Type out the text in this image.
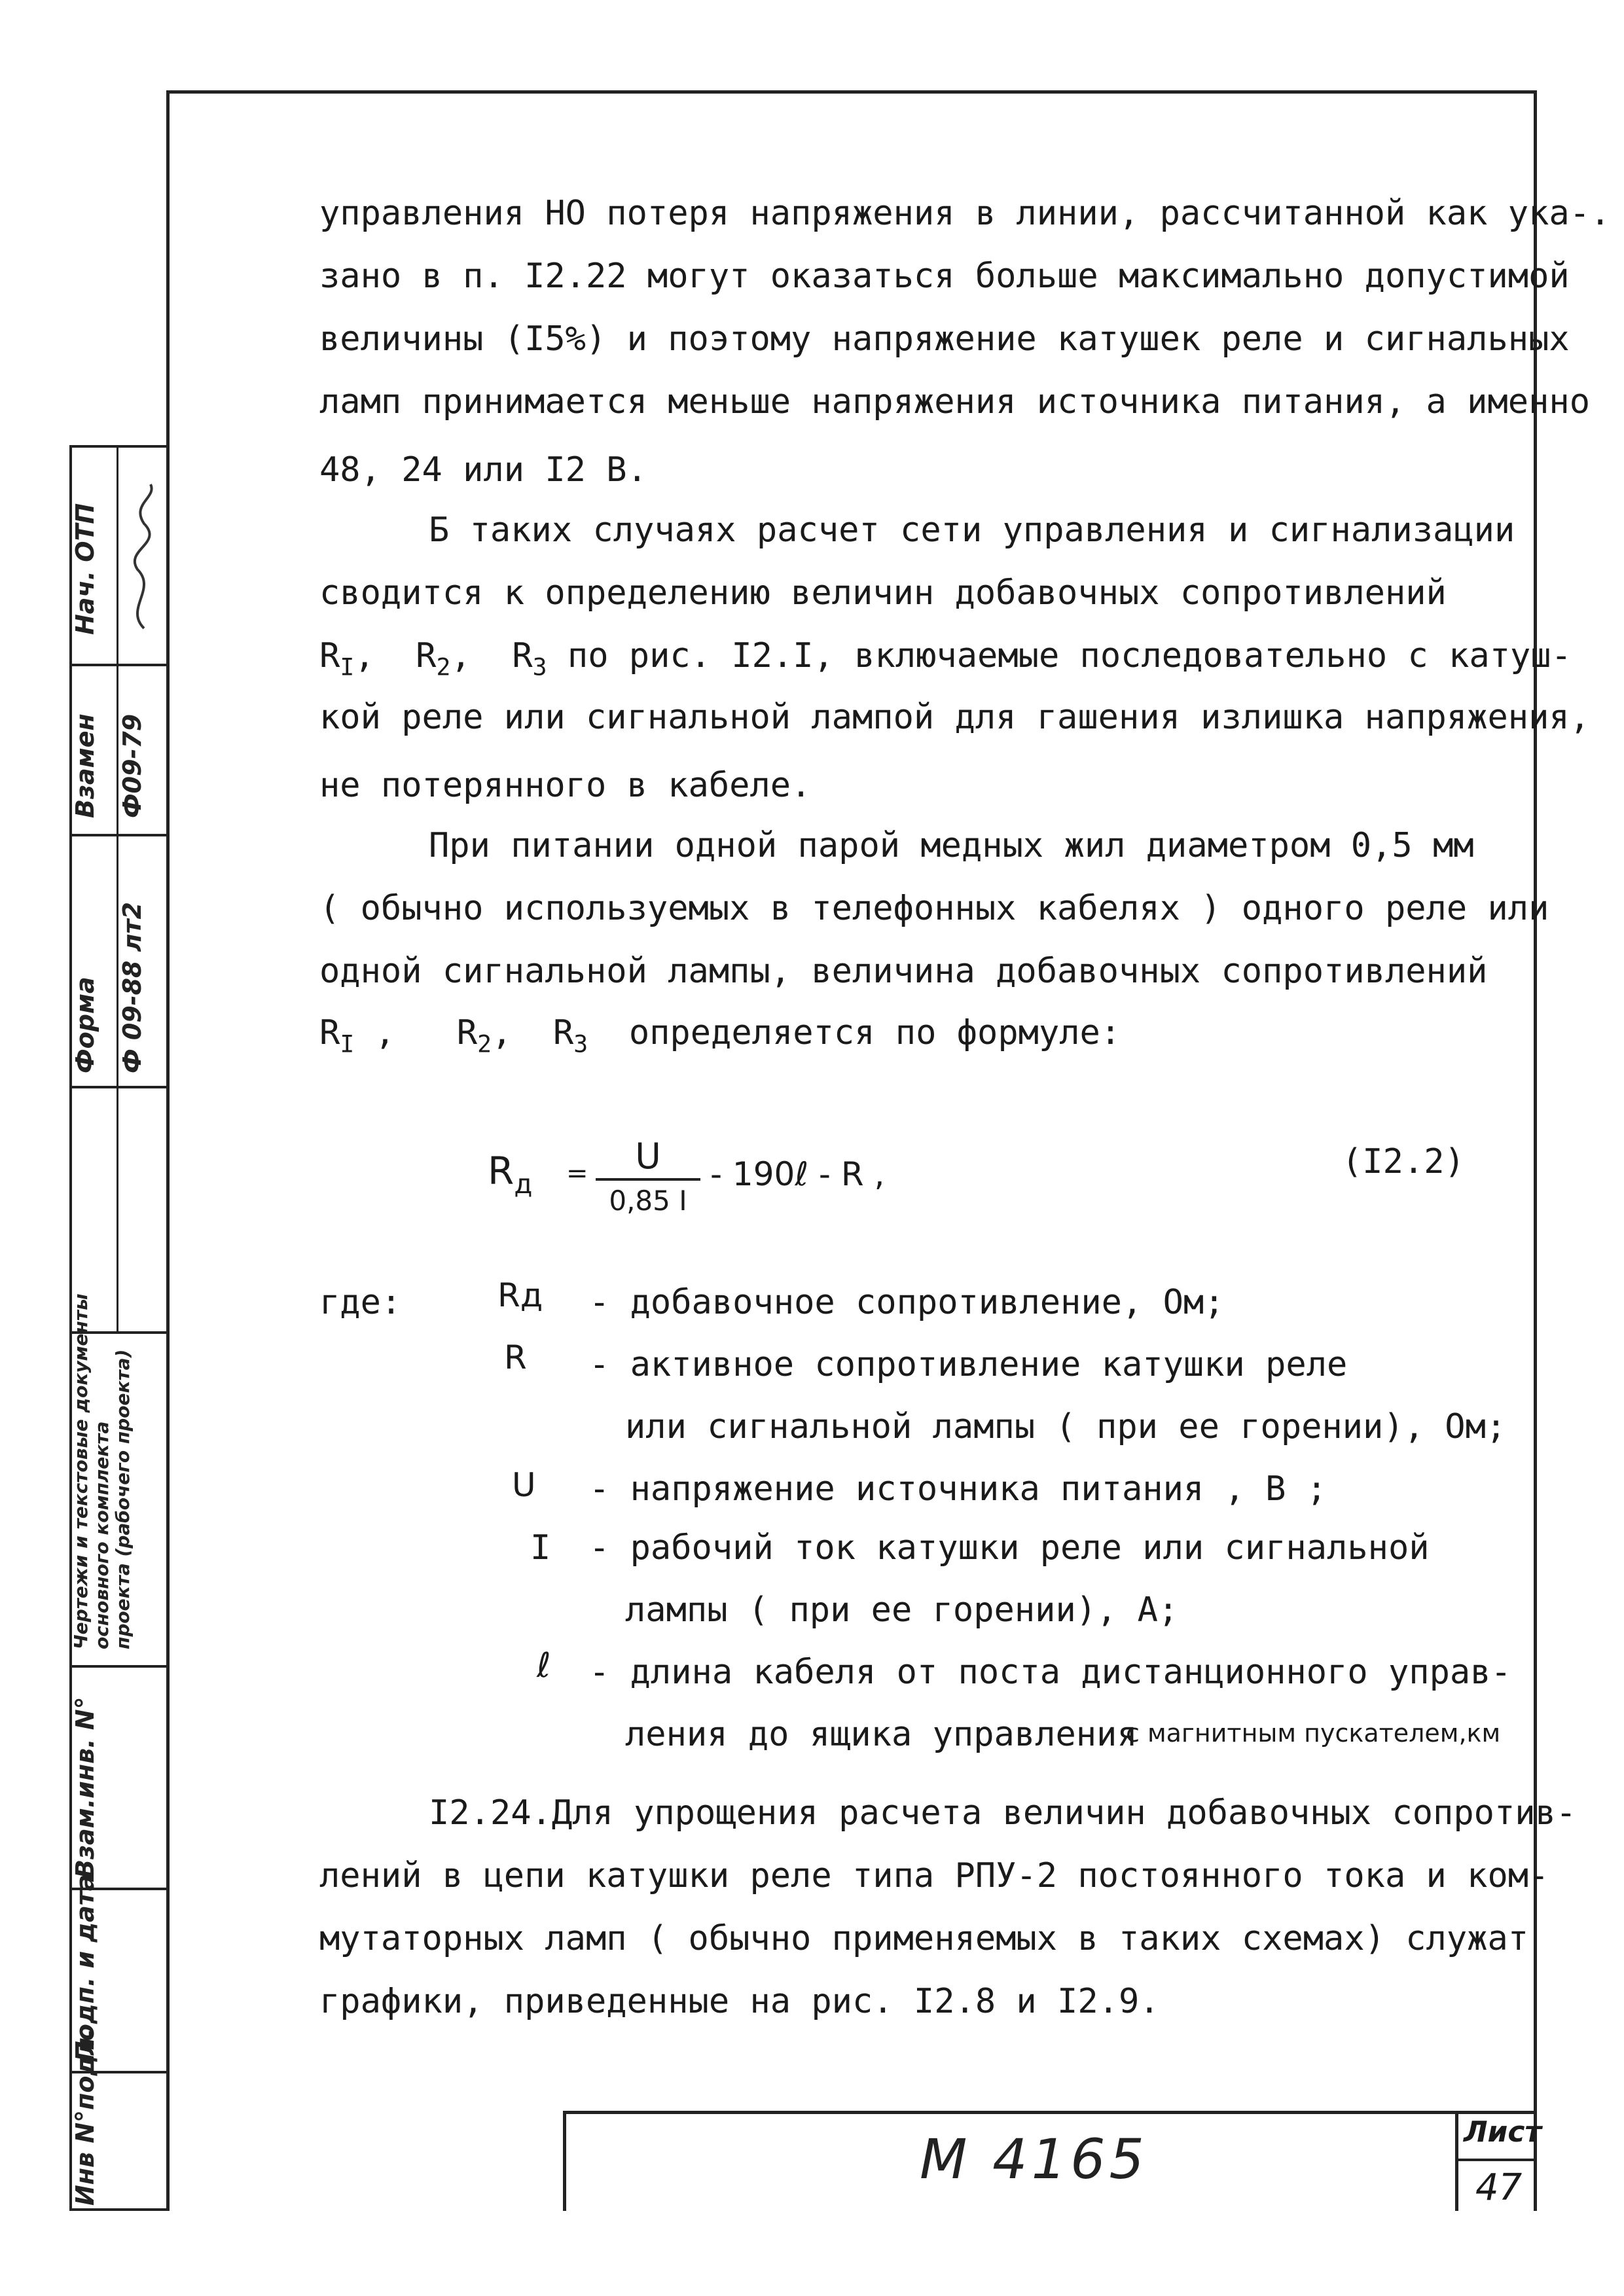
Инв N°подл.
Подп. и дата
Взам.инв. N°
Чертежи и текстовые документы
основного комплекта
проекта (рабочего проекта)
Форма Ф 09-88 лт2
Взамен Ф09-79
Нач. ОТП
управления НО потеря напряжения в линии, рассчитанной как ука-.
зано в п. I2.22 могут оказаться больше максимально допустимой
величины (I5%) и поэтому напряжение катушек реле и сигнальных
ламп принимается меньше напряжения источника питания, а именно
48, 24 или I2 В.
Б таких случаях расчет сети управления и сигнализации
сводится к определению величин добавочных сопротивлений
$R_I$, $R_2$, $R_3$ по рис. I2.I, включаемые последовательно с катуш-
кой реле или сигнальной лампой для гашения излишка напряжения,
не потерянного в кабеле.
При питании одной парой медных жил диаметром 0,5 мм
( обычно используемых в телефонных кабелях ) одного реле или
одной сигнальной лампы, величина добавочных сопротивлений
$R_I$ , $R_2$, $R_3$ определяется по формуле:
$R_д$ =	U
0,85 I
- 190ℓ - R ,	(I2.2)
где:	Rд - добавочное сопротивление, Ом;
R - активное сопротивление катушки реле
или сигнальной лампы ( при ее горении), Ом;
U - напряжение источника питания , В ;
I - рабочий ток катушки реле или сигнальной
лампы ( при ее горении), А;
ℓ - длина кабеля от поста дистанционного управ-
ления до ящика управления
с магнитным пускателем,км
I2.24.Для упрощения расчета величин добавочных сопротив-
лений в цепи катушки реле типа РПУ-2 постоянного тока и ком-
мутаторных ламп ( обычно применяемых в таких схемах) служат
графики, приведенные на рис. I2.8 и I2.9.
М 4165	Лист
47
